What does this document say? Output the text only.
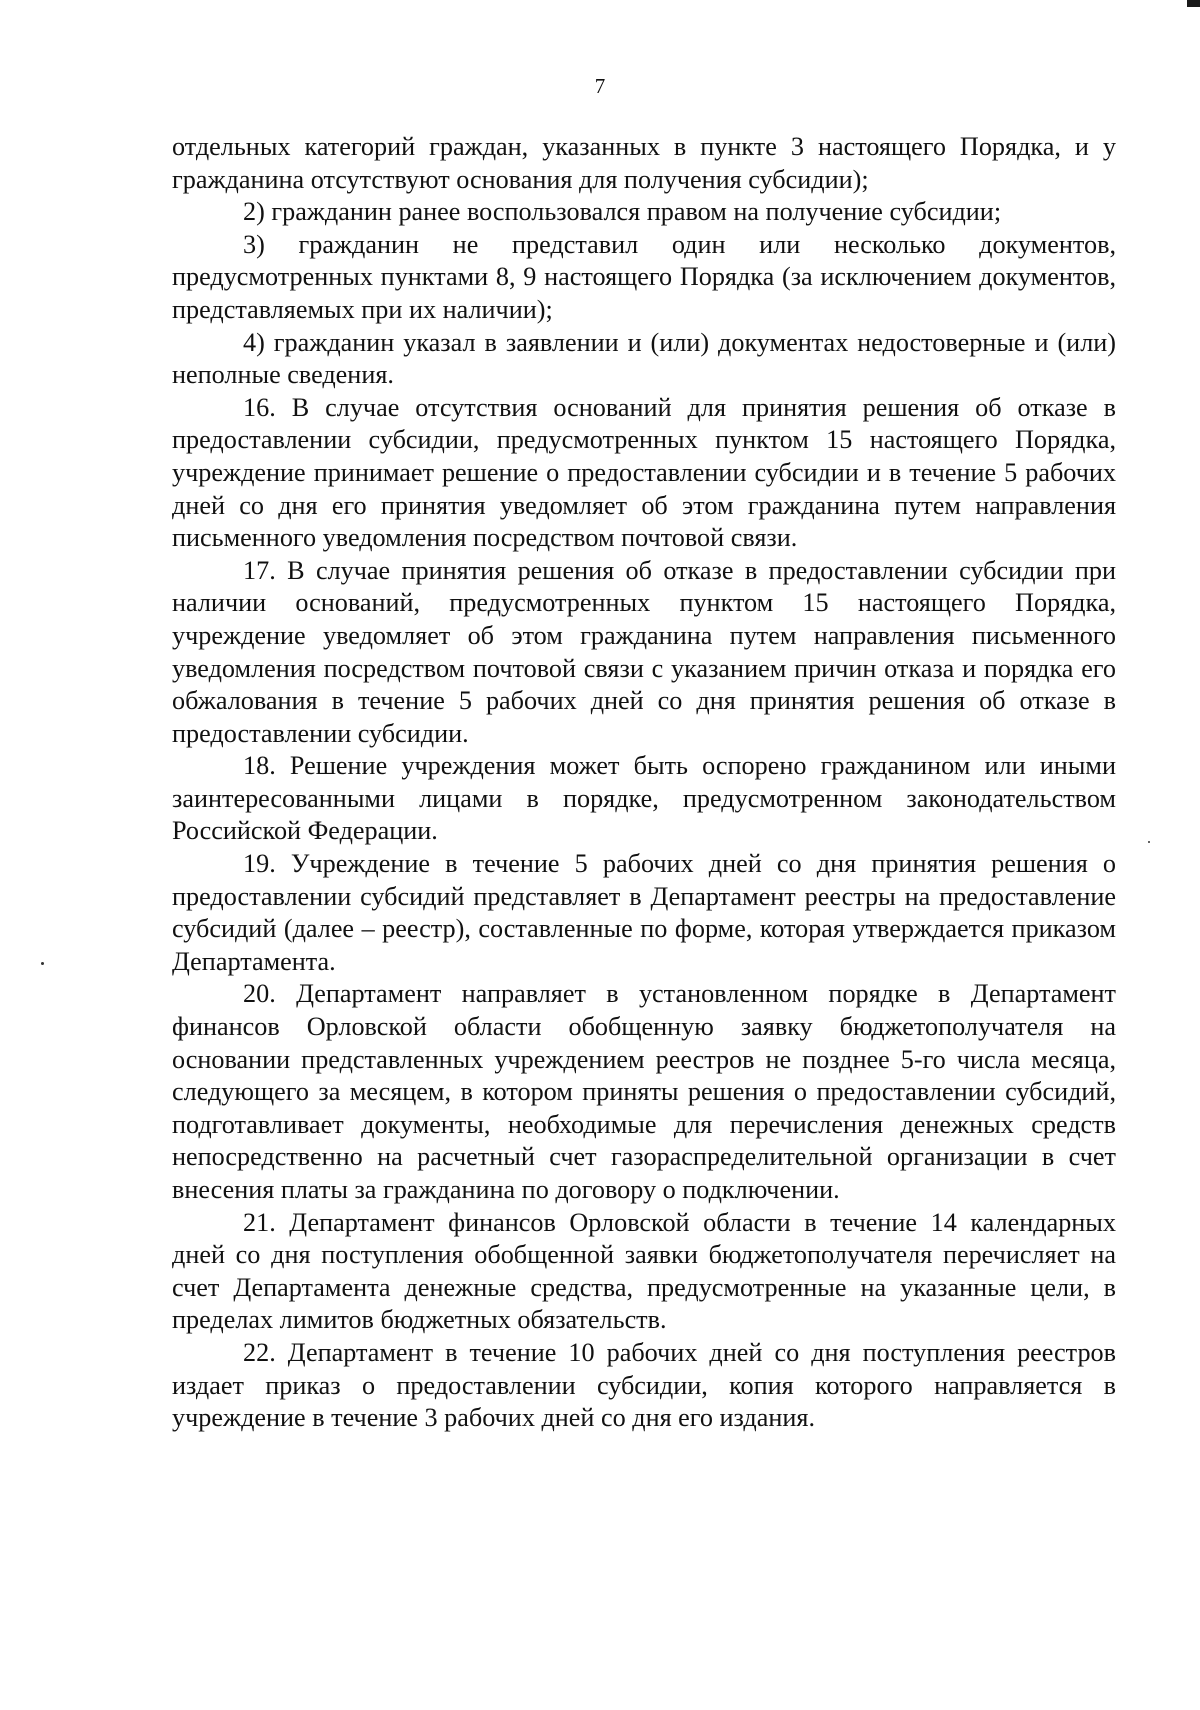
7

отдельных категорий граждан, указанных в пункте 3 настоящего Порядка, и у гражданина отсутствуют основания для получения субсидии);

2) гражданин ранее воспользовался правом на получение субсидии;

3) гражданин не представил один или несколько документов, предусмотренных пунктами 8, 9 настоящего Порядка (за исключением документов, представляемых при их наличии);

4) гражданин указал в заявлении и (или) документах недостоверные и (или) неполные сведения.

16. В случае отсутствия оснований для принятия решения об отказе в предоставлении субсидии, предусмотренных пунктом 15 настоящего Порядка, учреждение принимает решение о предоставлении субсидии и в течение 5 рабочих дней со дня его принятия уведомляет об этом гражданина путем направления письменного уведомления посредством почтовой связи.

17. В случае принятия решения об отказе в предоставлении субсидии при наличии оснований, предусмотренных пунктом 15 настоящего Порядка, учреждение уведомляет об этом гражданина путем направления письменного уведомления посредством почтовой связи с указанием причин отказа и порядка его обжалования в течение 5 рабочих дней со дня принятия решения об отказе в предоставлении субсидии.

18. Решение учреждения может быть оспорено гражданином или иными заинтересованными лицами в порядке, предусмотренном законодательством Российской Федерации.

19. Учреждение в течение 5 рабочих дней со дня принятия решения о предоставлении субсидий представляет в Департамент реестры на предоставление субсидий (далее – реестр), составленные по форме, которая утверждается приказом Департамента.

20. Департамент направляет в установленном порядке в Департамент финансов Орловской области обобщенную заявку бюджетополучателя на основании представленных учреждением реестров не позднее 5-го числа месяца, следующего за месяцем, в котором приняты решения о предоставлении субсидий, подготавливает документы, необходимые для перечисления денежных средств непосредственно на расчетный счет газораспределительной организации в счет внесения платы за гражданина по договору о подключении.

21. Департамент финансов Орловской области в течение 14 календарных дней со дня поступления обобщенной заявки бюджетополучателя перечисляет на счет Департамента денежные средства, предусмотренные на указанные цели, в пределах лимитов бюджетных обязательств.

22. Департамент в течение 10 рабочих дней со дня поступления реестров издает приказ о предоставлении субсидии, копия которого направляется в учреждение в течение 3 рабочих дней со дня его издания.
